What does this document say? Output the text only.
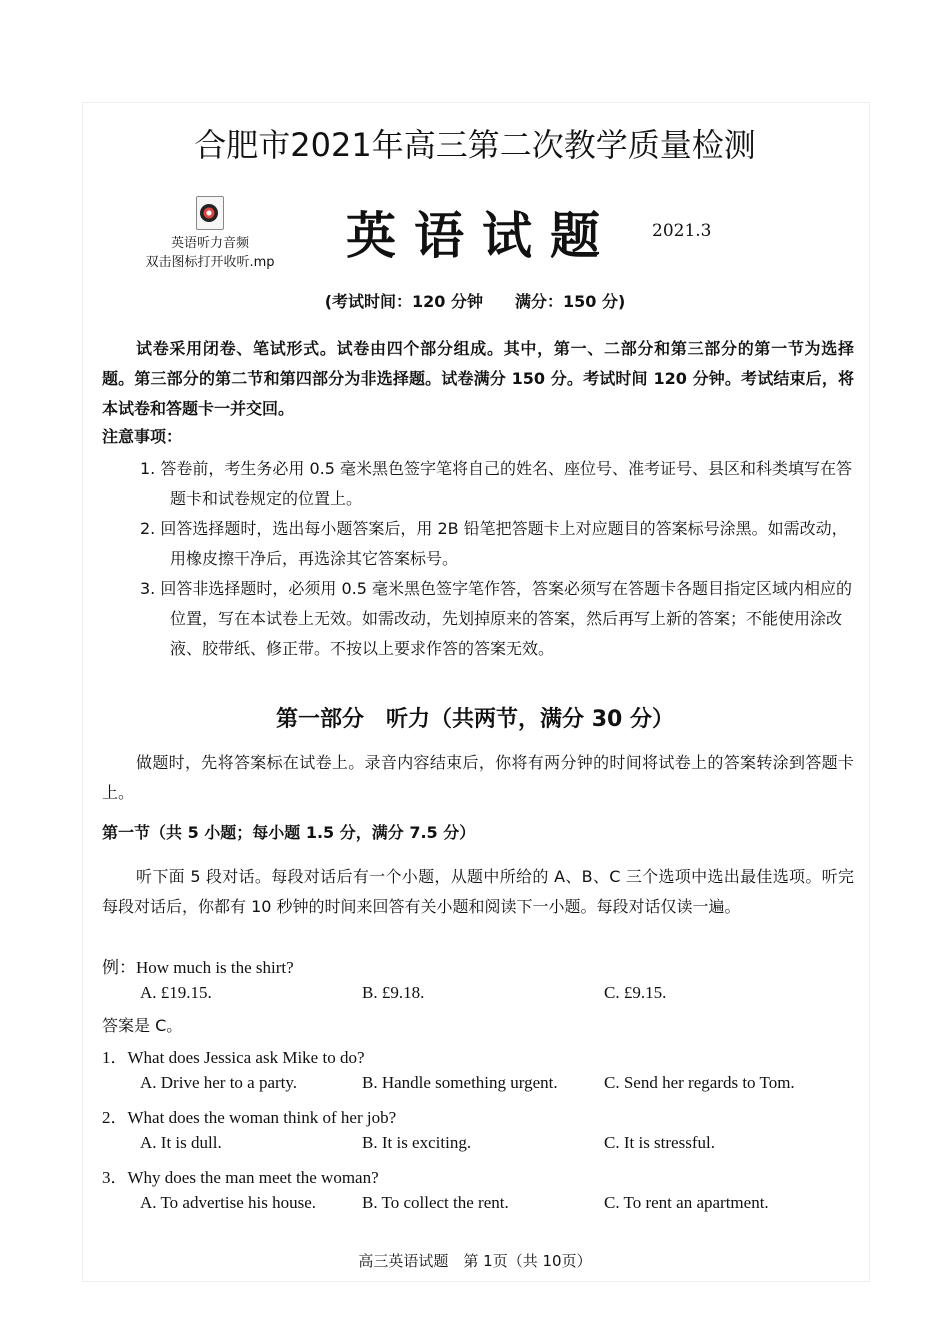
合肥市2021年高三第二次教学质量检测
英语听力音频
双击图标打开收听.mp 英语试题 2021.3
(考试时间：120 分钟　　满分：150 分)
试卷采用闭卷、笔试形式。试卷由四个部分组成。其中，第一、二部分和第三部分的第一节为选择题。第三部分的第二节和第四部分为非选择题。试卷满分 150 分。考试时间 120 分钟。考试结束后，将本试卷和答题卡一并交回。
注意事项：
1. 答卷前，考生务必用 0.5 毫米黑色签字笔将自己的姓名、座位号、准考证号、县区和科类填写在答题卡和试卷规定的位置上。
2. 回答选择题时，选出每小题答案后，用 2B 铅笔把答题卡上对应题目的答案标号涂黑。如需改动，用橡皮擦干净后，再选涂其它答案标号。
3. 回答非选择题时，必须用 0.5 毫米黑色签字笔作答，答案必须写在答题卡各题目指定区域内相应的位置，写在本试卷上无效。如需改动，先划掉原来的答案，然后再写上新的答案；不能使用涂改液、胶带纸、修正带。不按以上要求作答的答案无效。
第一部分　听力（共两节，满分 30 分）
做题时，先将答案标在试卷上。录音内容结束后，你将有两分钟的时间将试卷上的答案转涂到答题卡上。
第一节（共 5 小题；每小题 1.5 分，满分 7.5 分）
听下面 5 段对话。每段对话后有一个小题，从题中所给的 A、B、C 三个选项中选出最佳选项。听完每段对话后，你都有 10 秒钟的时间来回答有关小题和阅读下一小题。每段对话仅读一遍。
例：How much is the shirt?
A. £19.15.	B. £9.18.	C. £9.15.
答案是 C。
1．What does Jessica ask Mike to do?
A. Drive her to a party.	B. Handle something urgent.	C. Send her regards to Tom.
2．What does the woman think of her job?
A. It is dull.	B. It is exciting.	C. It is stressful.
3．Why does the man meet the woman?
A. To advertise his house.	B. To collect the rent.	C. To rent an apartment.
高三英语试题　第 1页（共 10页）
